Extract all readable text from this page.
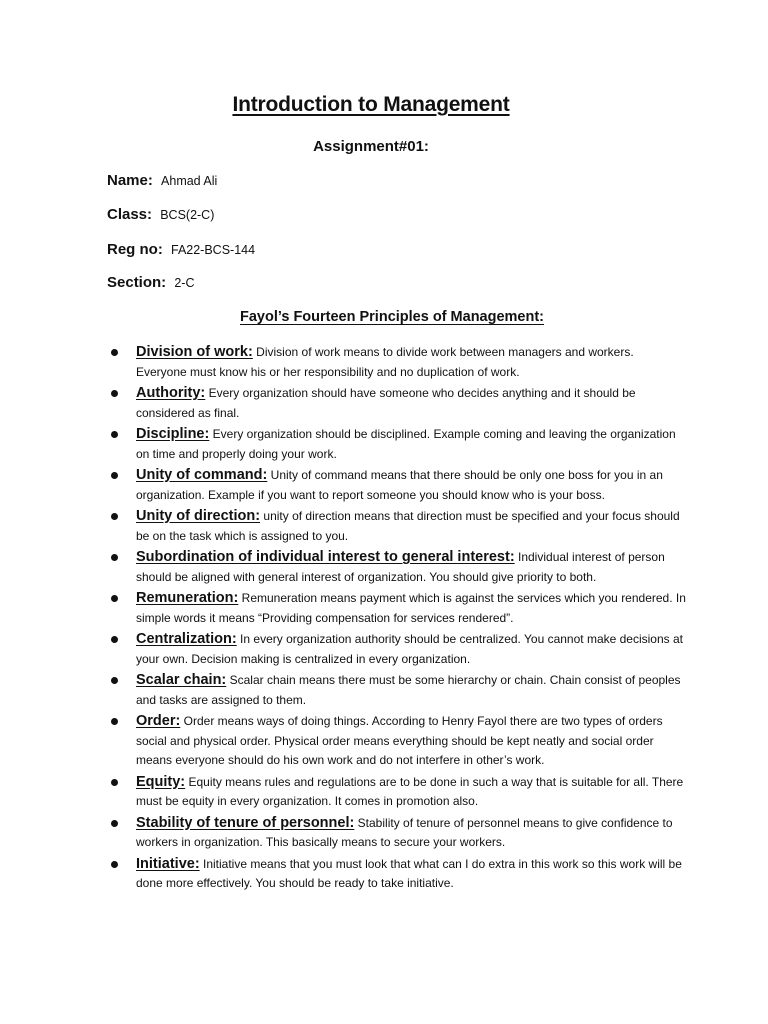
Introduction to Management
Assignment#01:
Name: Ahmad Ali
Class: BCS(2-C)
Reg no: FA22-BCS-144
Section: 2-C
Fayol’s Fourteen Principles of Management:
Division of work: Division of work means to divide work between managers and workers. Everyone must know his or her responsibility and no duplication of work.
Authority: Every organization should have someone who decides anything and it should be considered as final.
Discipline: Every organization should be disciplined. Example coming and leaving the organization on time and properly doing your work.
Unity of command: Unity of command means that there should be only one boss for you in an organization. Example if you want to report someone you should know who is your boss.
Unity of direction: unity of direction means that direction must be specified and your focus should be on the task which is assigned to you.
Subordination of individual interest to general interest: Individual interest of person should be aligned with general interest of organization. You should give priority to both.
Remuneration: Remuneration means payment which is against the services which you rendered. In simple words it means “Providing compensation for services rendered”.
Centralization: In every organization authority should be centralized. You cannot make decisions at your own. Decision making is centralized in every organization.
Scalar chain: Scalar chain means there must be some hierarchy or chain. Chain consist of peoples and tasks are assigned to them.
Order: Order means ways of doing things. According to Henry Fayol there are two types of orders social and physical order. Physical order means everything should be kept neatly and social order means everyone should do his own work and do not interfere in other’s work.
Equity: Equity means rules and regulations are to be done in such a way that is suitable for all. There must be equity in every organization. It comes in promotion also.
Stability of tenure of personnel: Stability of tenure of personnel means to give confidence to workers in organization. This basically means to secure your workers.
Initiative: Initiative means that you must look that what can I do extra in this work so this work will be done more effectively. You should be ready to take initiative.
